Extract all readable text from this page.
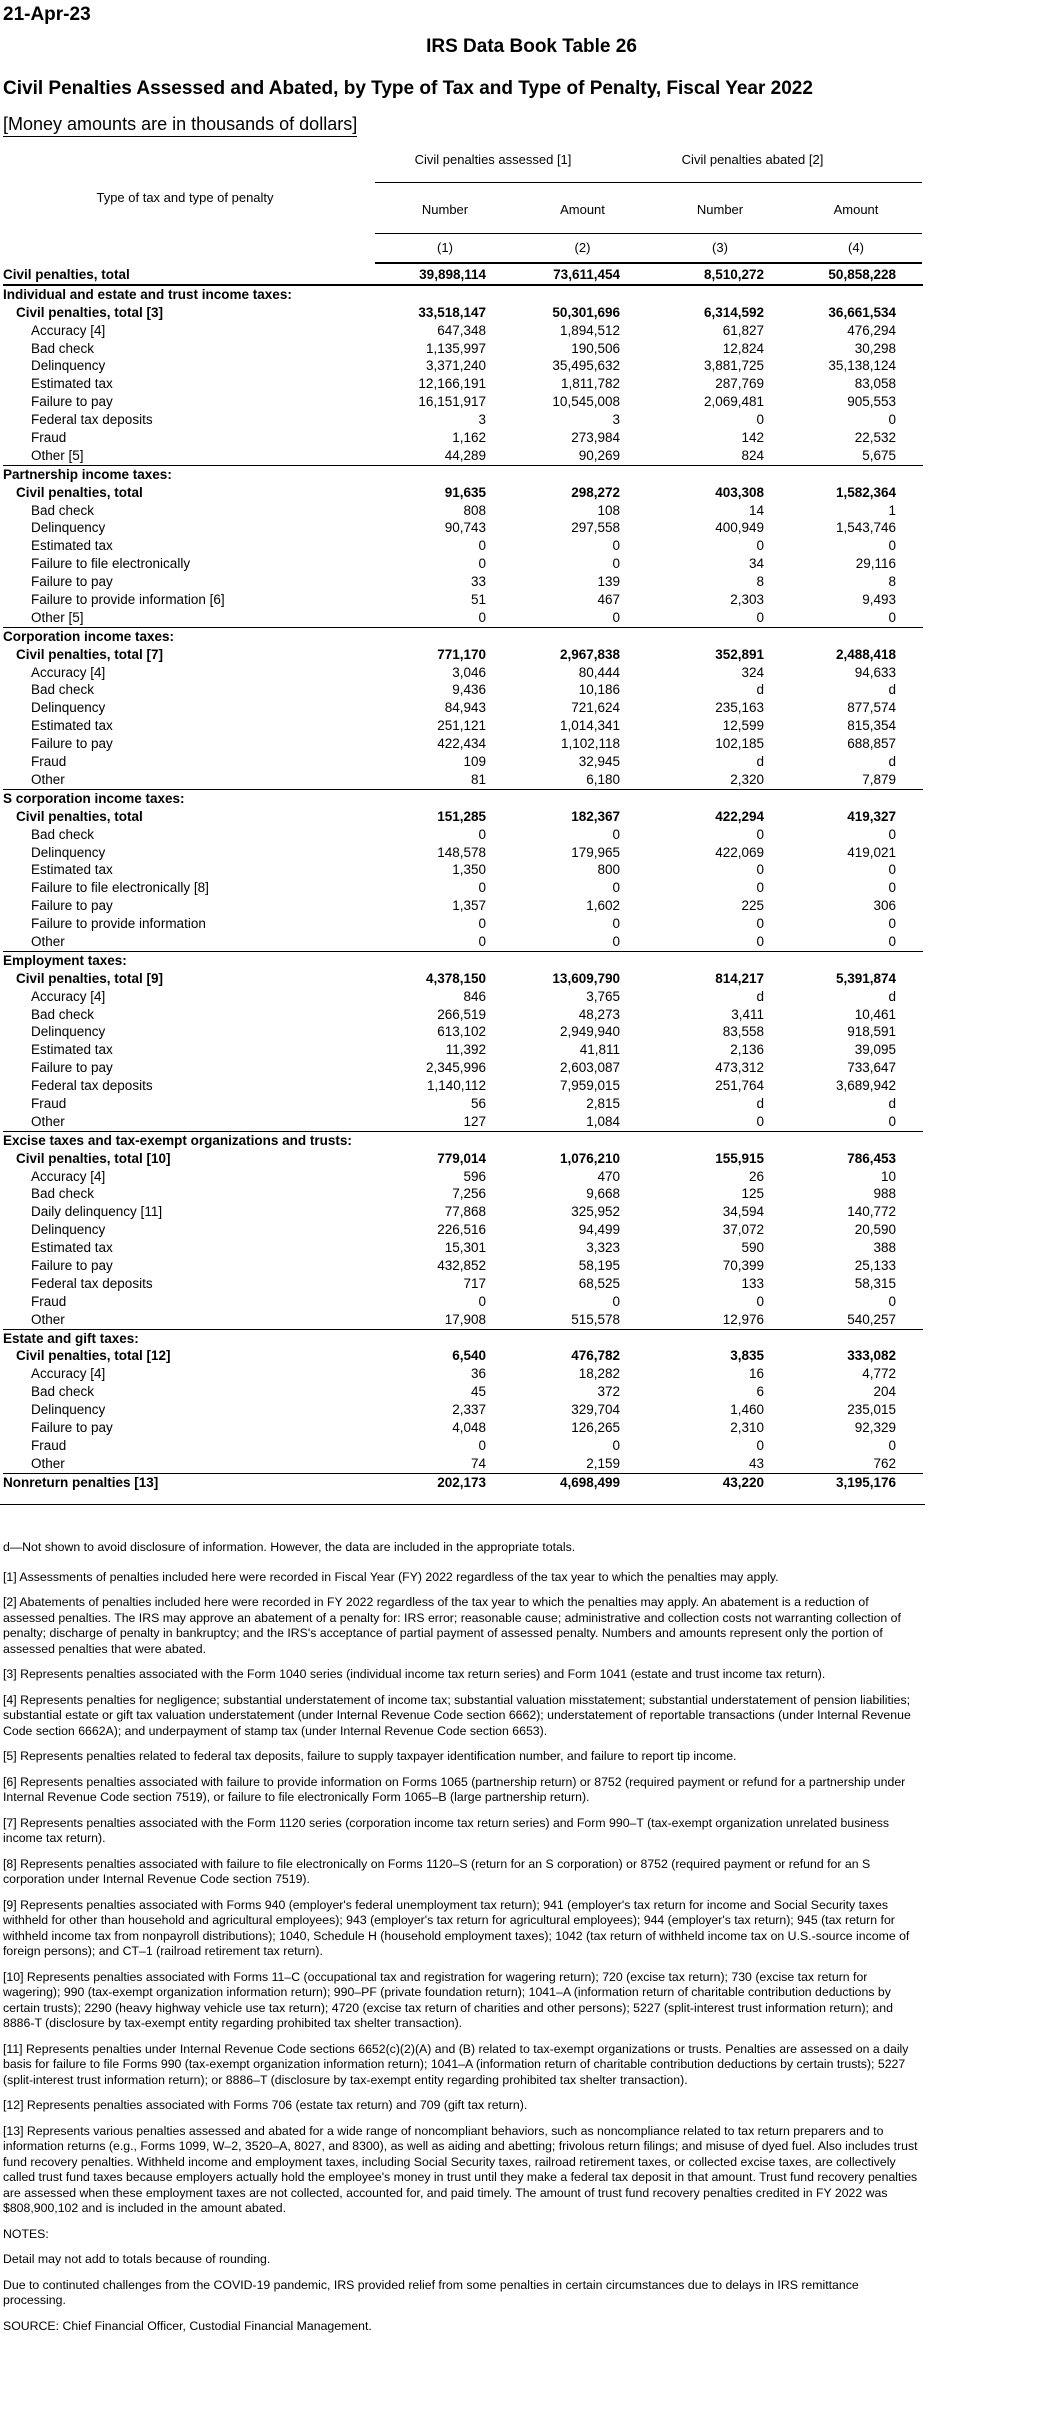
21-Apr-23
IRS Data Book Table 26
Civil Penalties Assessed and Abated, by Type of Tax and Type of Penalty, Fiscal Year 2022
[Money amounts are in thousands of dollars]
Type of tax and type of penalty
Civil penalties assessed [1]	Civil penalties abated [2]
Number	Amount	Number	Amount
(1)	(2)	(3)	(4)
Civil penalties, total	39,898,114	73,611,454	8,510,272	50,858,228
Individual and estate and trust income taxes:
Civil penalties, total [3]	33,518,147	50,301,696	6,314,592	36,661,534
Accuracy [4]	647,348	1,894,512	61,827	476,294
Bad check	1,135,997	190,506	12,824	30,298
Delinquency	3,371,240	35,495,632	3,881,725	35,138,124
Estimated tax	12,166,191	1,811,782	287,769	83,058
Failure to pay	16,151,917	10,545,008	2,069,481	905,553
Federal tax deposits	3	3	0	0
Fraud	1,162	273,984	142	22,532
Other [5]	44,289	90,269	824	5,675
Partnership income taxes:
Civil penalties, total	91,635	298,272	403,308	1,582,364
Bad check	808	108	14	1
Delinquency	90,743	297,558	400,949	1,543,746
Estimated tax	0	0	0	0
Failure to file electronically	0	0	34	29,116
Failure to pay	33	139	8	8
Failure to provide information [6]	51	467	2,303	9,493
Other [5]	0	0	0	0
Corporation income taxes:
Civil penalties, total [7]	771,170	2,967,838	352,891	2,488,418
Accuracy [4]	3,046	80,444	324	94,633
Bad check	9,436	10,186	d	d
Delinquency	84,943	721,624	235,163	877,574
Estimated tax	251,121	1,014,341	12,599	815,354
Failure to pay	422,434	1,102,118	102,185	688,857
Fraud	109	32,945	d	d
Other	81	6,180	2,320	7,879
S corporation income taxes:
Civil penalties, total	151,285	182,367	422,294	419,327
Bad check	0	0	0	0
Delinquency	148,578	179,965	422,069	419,021
Estimated tax	1,350	800	0	0
Failure to file electronically [8]	0	0	0	0
Failure to pay	1,357	1,602	225	306
Failure to provide information	0	0	0	0
Other	0	0	0	0
Employment taxes:
Civil penalties, total [9]	4,378,150	13,609,790	814,217	5,391,874
Accuracy [4]	846	3,765	d	d
Bad check	266,519	48,273	3,411	10,461
Delinquency	613,102	2,949,940	83,558	918,591
Estimated tax	11,392	41,811	2,136	39,095
Failure to pay	2,345,996	2,603,087	473,312	733,647
Federal tax deposits	1,140,112	7,959,015	251,764	3,689,942
Fraud	56	2,815	d	d
Other	127	1,084	0	0
Excise taxes and tax-exempt organizations and trusts:
Civil penalties, total [10]	779,014	1,076,210	155,915	786,453
Accuracy [4]	596	470	26	10
Bad check	7,256	9,668	125	988
Daily delinquency [11]	77,868	325,952	34,594	140,772
Delinquency	226,516	94,499	37,072	20,590
Estimated tax	15,301	3,323	590	388
Failure to pay	432,852	58,195	70,399	25,133
Federal tax deposits	717	68,525	133	58,315
Fraud	0	0	0	0
Other	17,908	515,578	12,976	540,257
Estate and gift taxes:
Civil penalties, total [12]	6,540	476,782	3,835	333,082
Accuracy [4]	36	18,282	16	4,772
Bad check	45	372	6	204
Delinquency	2,337	329,704	1,460	235,015
Failure to pay	4,048	126,265	2,310	92,329
Fraud	0	0	0	0
Other	74	2,159	43	762
Nonreturn penalties [13]	202,173	4,698,499	43,220	3,195,176

d—Not shown to avoid disclosure of information. However, the data are included in the appropriate totals.

[1] Assessments of penalties included here were recorded in Fiscal Year (FY) 2022 regardless of the tax year to which the penalties may apply.

[2] Abatements of penalties included here were recorded in FY 2022 regardless of the tax year to which the penalties may apply. An abatement is a reduction of assessed penalties. The IRS may approve an abatement of a penalty for: IRS error; reasonable cause; administrative and collection costs not warranting collection of penalty; discharge of penalty in bankruptcy; and the IRS's acceptance of partial payment of assessed penalty. Numbers and amounts represent only the portion of assessed penalties that were abated.

[3] Represents penalties associated with the Form 1040 series (individual income tax return series) and Form 1041 (estate and trust income tax return).

[4] Represents penalties for negligence; substantial understatement of income tax; substantial valuation misstatement; substantial understatement of pension liabilities; substantial estate or gift tax valuation understatement (under Internal Revenue Code section 6662); understatement of reportable transactions (under Internal Revenue Code section 6662A); and underpayment of stamp tax (under Internal Revenue Code section 6653).

[5] Represents penalties related to federal tax deposits, failure to supply taxpayer identification number, and failure to report tip income.

[6] Represents penalties associated with failure to provide information on Forms 1065 (partnership return) or 8752 (required payment or refund for a partnership under Internal Revenue Code section 7519), or failure to file electronically Form 1065–B (large partnership return).

[7] Represents penalties associated with the Form 1120 series (corporation income tax return series) and Form 990–T (tax-exempt organization unrelated business income tax return).

[8] Represents penalties associated with failure to file electronically on Forms 1120–S (return for an S corporation) or 8752 (required payment or refund for an S corporation under Internal Revenue Code section 7519).

[9] Represents penalties associated with Forms 940 (employer's federal unemployment tax return); 941 (employer's tax return for income and Social Security taxes withheld for other than household and agricultural employees); 943 (employer's tax return for agricultural employees); 944 (employer's tax return); 945 (tax return for withheld income tax from nonpayroll distributions); 1040, Schedule H (household employment taxes); 1042 (tax return of withheld income tax on U.S.-source income of foreign persons); and CT–1 (railroad retirement tax return).

[10] Represents penalties associated with Forms 11–C (occupational tax and registration for wagering return); 720 (excise tax return); 730 (excise tax return for wagering); 990 (tax-exempt organization information return); 990–PF (private foundation return); 1041–A (information return of charitable contribution deductions by certain trusts); 2290 (heavy highway vehicle use tax return); 4720 (excise tax return of charities and other persons); 5227 (split-interest trust information return); and 8886-T (disclosure by tax-exempt entity regarding prohibited tax shelter transaction).

[11] Represents penalties under Internal Revenue Code sections 6652(c)(2)(A) and (B) related to tax-exempt organizations or trusts. Penalties are assessed on a daily basis for failure to file Forms 990 (tax-exempt organization information return); 1041–A (information return of charitable contribution deductions by certain trusts); 5227 (split-interest trust information return); or 8886–T (disclosure by tax-exempt entity regarding prohibited tax shelter transaction).

[12] Represents penalties associated with Forms 706 (estate tax return) and 709 (gift tax return).

[13] Represents various penalties assessed and abated for a wide range of noncompliant behaviors, such as noncompliance related to tax return preparers and to information returns (e.g., Forms 1099, W–2, 3520–A, 8027, and 8300), as well as aiding and abetting; frivolous return filings; and misuse of dyed fuel. Also includes trust fund recovery penalties. Withheld income and employment taxes, including Social Security taxes, railroad retirement taxes, or collected excise taxes, are collectively called trust fund taxes because employers actually hold the employee's money in trust until they make a federal tax deposit in that amount. Trust fund recovery penalties are assessed when these employment taxes are not collected, accounted for, and paid timely. The amount of trust fund recovery penalties credited in FY 2022 was $808,900,102 and is included in the amount abated.

NOTES:

Detail may not add to totals because of rounding.

Due to continuted challenges from the COVID-19 pandemic, IRS provided relief from some penalties in certain circumstances due to delays in IRS remittance processing.

SOURCE: Chief Financial Officer, Custodial Financial Management.
